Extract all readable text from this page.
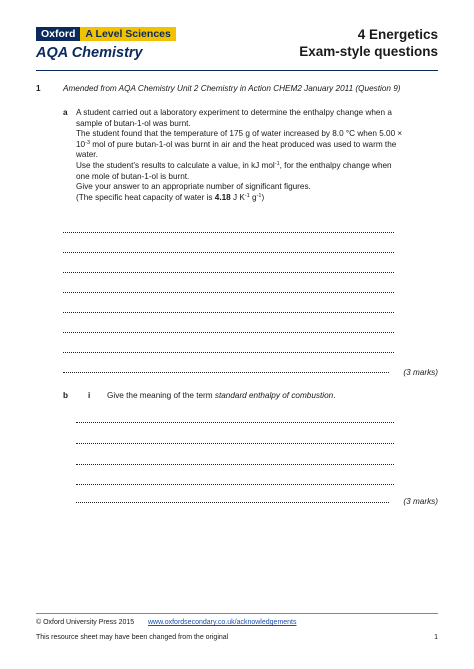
Oxford A Level Sciences
AQA Chemistry
4 Energetics
Exam-style questions
1	Amended from AQA Chemistry Unit 2 Chemistry in Action CHEM2 January 2011 (Question 9)
a A student carried out a laboratory experiment to determine the enthalpy change when a sample of butan-1-ol was burnt.
The student found that the temperature of 175 g of water increased by 8.0 °C when $5.00 \times 10^{-3}$ mol of pure butan-1-ol was burnt in air and the heat produced was used to warm the water.
Use the student’s results to calculate a value, in kJ mol$^{-1}$, for the enthalpy change when one mole of butan-1-ol is burnt.
Give your answer to an appropriate number of significant figures.
(The specific heat capacity of water is 4.18 J $K^{-1}$ $g^{-1}$)
(3 marks)
b i Give the meaning of the term standard enthalpy of combustion.
(3 marks)
© Oxford University Press 2015 www.oxfordsecondary.co.uk/acknowledgements
This resource sheet may have been changed from the original	1
